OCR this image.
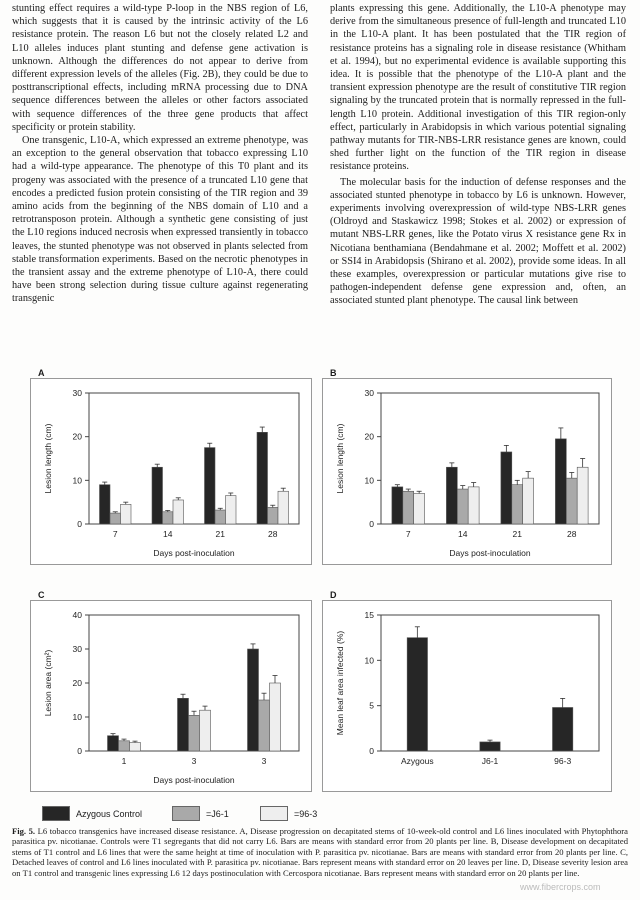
stunting effect requires a wild-type P-loop in the NBS region of L6, which suggests that it is caused by the intrinsic activity of the L6 resistance protein. The reason L6 but not the closely related L2 and L10 alleles induces plant stunting and defense gene activation is unknown. Although the differences do not appear to derive from different expression levels of the alleles (Fig. 2B), they could be due to posttranscriptional effects, including mRNA processing due to DNA sequence differences between the alleles or other factors associated with sequence differences of the three gene products that affect specificity or protein stability.

One transgenic, L10-A, which expressed an extreme phenotype, was an exception to the general observation that tobacco expressing L10 had a wild-type appearance. The phenotype of this T0 plant and its progeny was associated with the presence of a truncated L10 gene that encodes a predicted fusion protein consisting of the TIR region and 39 amino acids from the beginning of the NBS domain of L10 and a retrotransposon protein. Although a synthetic gene consisting of just the L10 regions induced necrosis when expressed transiently in tobacco leaves, the stunted phenotype was not observed in plants selected from stable transformation experiments. Based on the necrotic phenotypes in the transient assay and the extreme phenotype of L10-A, there could have been strong selection during tissue culture against regenerating transgenic

plants expressing this gene. Additionally, the L10-A phenotype may derive from the simultaneous presence of full-length and truncated L10 in the L10-A plant. It has been postulated that the TIR region of resistance proteins has a signaling role in disease resistance (Whitham et al. 1994), but no experimental evidence is available supporting this idea. It is possible that the phenotype of the L10-A plant and the transient expression phenotype are the result of constitutive TIR region signaling by the truncated protein that is normally repressed in the full-length L10 protein. Additional investigation of this TIR region-only effect, particularly in Arabidopsis in which various potential signaling pathway mutants for TIR-NBS-LRR resistance genes are known, could shed further light on the function of the TIR region in disease resistance proteins.

The molecular basis for the induction of defense responses and the associated stunted phenotype in tobacco by L6 is unknown. However, experiments involving overexpression of wild-type NBS-LRR genes (Oldroyd and Staskawicz 1998; Stokes et al. 2002) or expression of mutant NBS-LRR genes, like the Potato virus X resistance gene Rx in Nicotiana benthamiana (Bendahmane et al. 2002; Moffett et al. 2002) or SSI4 in Arabidopsis (Shirano et al. 2002), provide some ideas. In all these examples, overexpression or particular mutations give rise to pathogen-independent defense gene expression and, often, an associated stunted plant phenotype. The causal link between

A	B
C	D
0
10
20
30
Lesion length (cm)
Days post-inoculation
7	14	21	28
0
10
20
30
Lesion length (cm)
Days post-inoculation
7	14	21	28
0
10
20
30
40
Lesion area (cm²)
Days post-inoculation
1	3	3
0
5
10
15
Mean leaf area infected (%)
Azygous	J6-1	96-3
Azygous Control	=J6-1	=96-3
Fig. 5. L6 tobacco transgenics have increased disease resistance. A, Disease progression on decapitated stems of 10-week-old control and L6 lines inoculated with Phytophthora parasitica pv. nicotianae. Controls were T1 segregants that did not carry L6. Bars are means with standard error from 20 plants per line. B, Disease development on decapitated stems of T1 control and L6 lines that were the same height at time of inoculation with P. parasitica pv. nicotianae. Bars are means with standard error from 20 plants per line. C, Detached leaves of control and L6 lines inoculated with P. parasitica pv. nicotianae. Bars represent means with standard error on 20 leaves per line. D, Disease severity lesion area on T1 control and transgenic lines expressing L6 12 days postinoculation with Cercospora nicotianae. Bars represent means with standard error on 20 plants per line.
www.fibercrops.com
